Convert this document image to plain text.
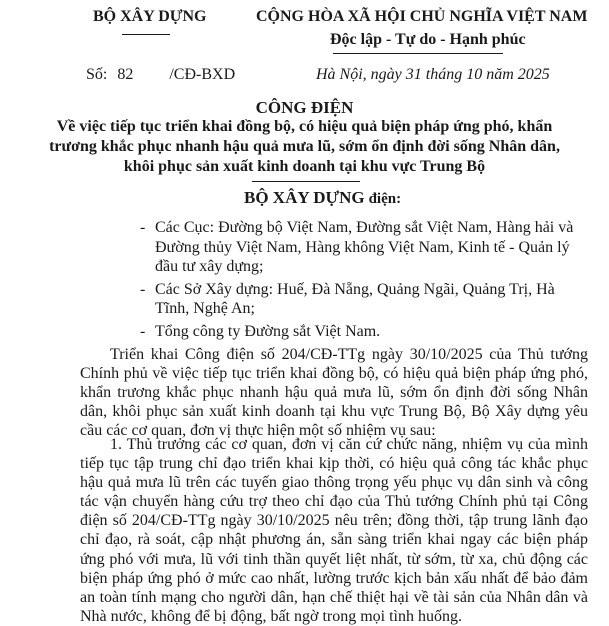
BỘ XÂY DỰNG	CỘNG HÒA XÃ HỘI CHỦ NGHĨA VIỆT NAM
Độc lập - Tự do - Hạnh phúc
Số: 82 /CĐ-BXD	Hà Nội, ngày 31 tháng 10 năm 2025
CÔNG ĐIỆN
Về việc tiếp tục triển khai đồng bộ, có hiệu quả biện pháp ứng phó, khẩn
trương khắc phục nhanh hậu quả mưa lũ, sớm ổn định đời sống Nhân dân,
khôi phục sản xuất kinh doanh tại khu vực Trung Bộ
BỘ XÂY DỰNG điện:
- Các Cục: Đường bộ Việt Nam, Đường sắt Việt Nam, Hàng hải và Đường thủy Việt Nam, Hàng không Việt Nam, Kinh tế - Quản lý đầu tư xây dựng;
- Các Sở Xây dựng: Huế, Đà Nẵng, Quảng Ngãi, Quảng Trị, Hà Tĩnh, Nghệ An;
- Tổng công ty Đường sắt Việt Nam.

Triển khai Công điện số 204/CĐ-TTg ngày 30/10/2025 của Thủ tướng Chính phủ về việc tiếp tục triển khai đồng bộ, có hiệu quả biện pháp ứng phó, khẩn trương khắc phục nhanh hậu quả mưa lũ, sớm ổn định đời sống Nhân dân, khôi phục sản xuất kinh doanh tại khu vực Trung Bộ, Bộ Xây dựng yêu cầu các cơ quan, đơn vị thực hiện một số nhiệm vụ sau:

1. Thủ trưởng các cơ quan, đơn vị căn cứ chức năng, nhiệm vụ của mình tiếp tục tập trung chỉ đạo triển khai kịp thời, có hiệu quả công tác khắc phục hậu quả mưa lũ trên các tuyến giao thông trọng yếu phục vụ dân sinh và công tác vận chuyển hàng cứu trợ theo chỉ đạo của Thủ tướng Chính phủ tại Công điện số 204/CĐ-TTg ngày 30/10/2025 nêu trên; đồng thời, tập trung lãnh đạo chỉ đạo, rà soát, cập nhật phương án, sẵn sàng triển khai ngay các biện pháp ứng phó với mưa, lũ với tinh thần quyết liệt nhất, từ sớm, từ xa, chủ động các biện pháp ứng phó ở mức cao nhất, lường trước kịch bản xấu nhất để bảo đảm an toàn tính mạng cho người dân, hạn chế thiệt hại về tài sản của Nhân dân và Nhà nước, không để bị động, bất ngờ trong mọi tình huống.
